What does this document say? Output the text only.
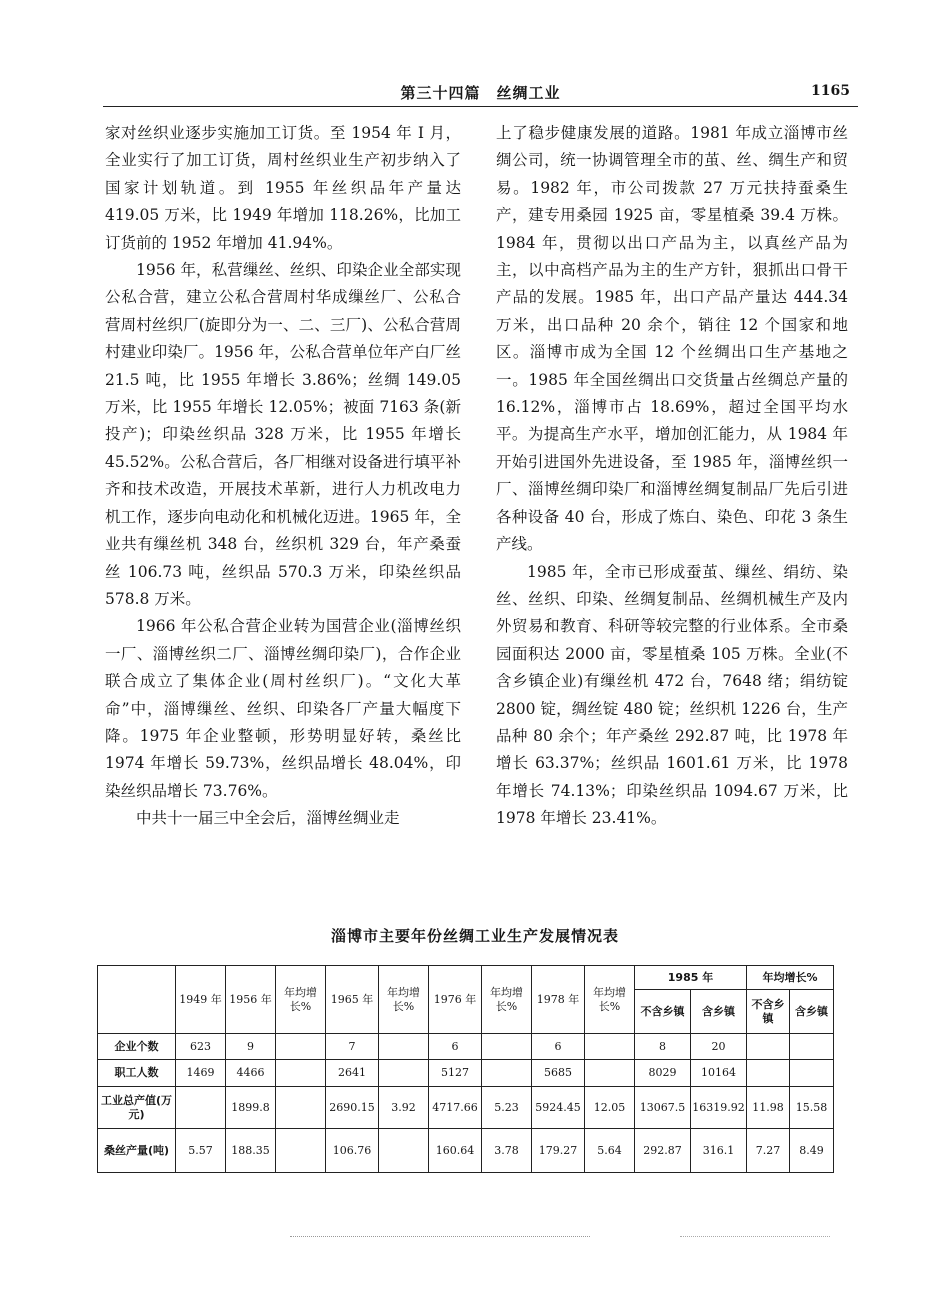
第三十四篇 丝绸工业	1165

家对丝织业逐步实施加工订货。至 1954 年 I 月，全业实行了加工订货，周村丝织业生产初步纳入了国家计划轨道。到 1955 年丝织品年产量达 419.05 万米，比 1949 年增加 118.26%，比加工订货前的 1952 年增加 41.94%。

1956 年，私营缫丝、丝织、印染企业全部实现公私合营，建立公私合营周村华成缫丝厂、公私合营周村丝织厂(旋即分为一、二、三厂)、公私合营周村建业印染厂。1956 年，公私合营单位年产白厂丝 21.5 吨，比 1955 年增长 3.86%；丝绸 149.05 万米，比 1955 年增长 12.05%；被面 7163 条(新投产)；印染丝织品 328 万米，比 1955 年增长 45.52%。公私合营后，各厂相继对设备进行填平补齐和技术改造，开展技术革新，进行人力机改电力机工作，逐步向电动化和机械化迈进。1965 年，全业共有缫丝机 348 台，丝织机 329 台，年产桑蚕丝 106.73 吨，丝织品 570.3 万米，印染丝织品 578.8 万米。

1966 年公私合营企业转为国营企业(淄博丝织一厂、淄博丝织二厂、淄博丝绸印染厂)，合作企业联合成立了集体企业(周村丝织厂)。“文化大革命”中，淄博缫丝、丝织、印染各厂产量大幅度下降。1975 年企业整顿，形势明显好转，桑丝比 1974 年增长 59.73%，丝织品增长 48.04%，印染丝织品增长 73.76%。

中共十一届三中全会后，淄博丝绸业走

上了稳步健康发展的道路。1981 年成立淄博市丝绸公司，统一协调管理全市的茧、丝、绸生产和贸易。1982 年，市公司拨款 27 万元扶持蚕桑生产，建专用桑园 1925 亩，零星植桑 39.4 万株。1984 年，贯彻以出口产品为主，以真丝产品为主，以中高档产品为主的生产方针，狠抓出口骨干产品的发展。1985 年，出口产品产量达 444.34 万米，出口品种 20 余个，销往 12 个国家和地区。淄博市成为全国 12 个丝绸出口生产基地之一。1985 年全国丝绸出口交货量占丝绸总产量的 16.12%，淄博市占 18.69%，超过全国平均水平。为提高生产水平，增加创汇能力，从 1984 年开始引进国外先进设备，至 1985 年，淄博丝织一厂、淄博丝绸印染厂和淄博丝绸复制品厂先后引进各种设备 40 台，形成了炼白、染色、印花 3 条生产线。

1985 年，全市已形成蚕茧、缫丝、绢纺、染丝、丝织、印染、丝绸复制品、丝绸机械生产及内外贸易和教育、科研等较完整的行业体系。全市桑园面积达 2000 亩，零星植桑 105 万株。全业(不含乡镇企业)有缫丝机 472 台，7648 绪；绢纺锭 2800 锭，绸丝锭 480 锭；丝织机 1226 台，生产品种 80 余个；年产桑丝 292.87 吨，比 1978 年增长 63.37%；丝织品 1601.61 万米，比 1978 年增长 74.13%；印染丝织品 1094.67 万米，比 1978 年增长 23.41%。

淄博市主要年份丝绸工业生产发展情况表
	1949 年	1956 年	年均增长%	1965 年	年均增长%	1976 年	年均增长%	1978 年	年均增长%	1985 年		年均增长%	
										不含乡镇	含乡镇	不含乡镇	含乡镇
企业个数	623	9		7		6		6		8	20		
职工人数	1469	4466		2641		5127		5685		8029	10164		
工业总产值(万元)		1899.8		2690.15	3.92	4717.66	5.23	5924.45	12.05	13067.5	16319.92	11.98	15.58
桑丝产量(吨)	5.57	188.35		106.76		160.64	3.78	179.27	5.64	292.87	316.1	7.27	8.49
